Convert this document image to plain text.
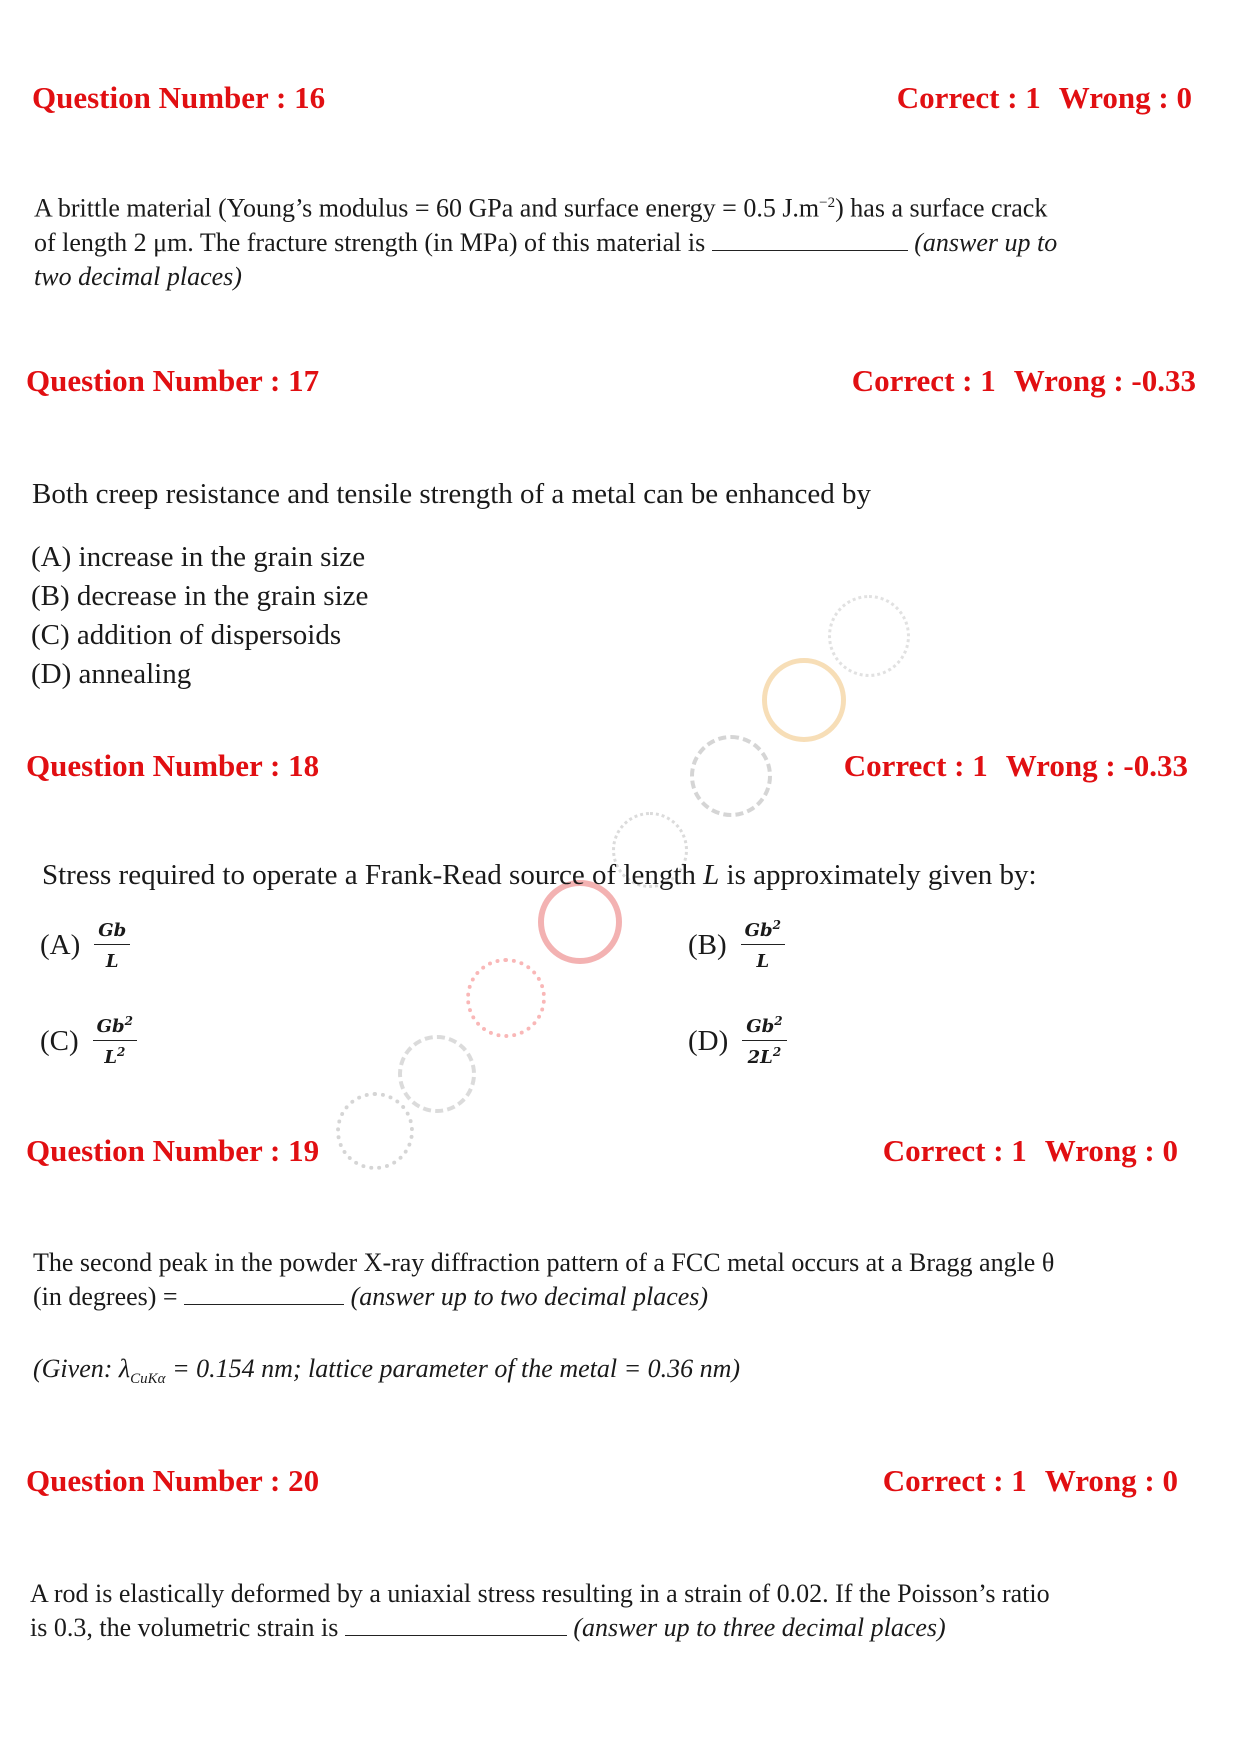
Question Number : 16	Correct : 1 Wrong : 0
A brittle material (Young’s modulus = 60 GPa and surface energy = 0.5 $J.m^{-2}$) has a surface crack
of length 2 μm. The fracture strength (in MPa) of this material is	(answer up to
two decimal places)
Question Number : 17	Correct : 1 Wrong : -0.33
Both creep resistance and tensile strength of a metal can be enhanced by
(A) increase in the grain size
(B) decrease in the grain size
(C) addition of dispersoids
(D) annealing
Question Number : 18	Correct : 1 Wrong : -0.33
Stress required to operate a Frank-Read source of length L is approximately given by:
$(A) \frac{Gb}{L}$	$(B) \frac{Gb^2}{L}$
$(C) \frac{Gb^2}{L^2}$	$(D) \frac{Gb^2}{2L^2}$
Question Number : 19	Correct : 1 Wrong : 0
The second peak in the powder X-ray diffraction pattern of a FCC metal occurs at a Bragg angle θ
(in degrees) =	(answer up to two decimal places)
(Given: $\lambda_{CuK\alpha} = 0.154$ nm; lattice parameter of the metal = 0.36 nm)
Question Number : 20	Correct : 1 Wrong : 0
A rod is elastically deformed by a uniaxial stress resulting in a strain of 0.02. If the Poisson’s ratio
is 0.3, the volumetric strain is	(answer up to three decimal places)
